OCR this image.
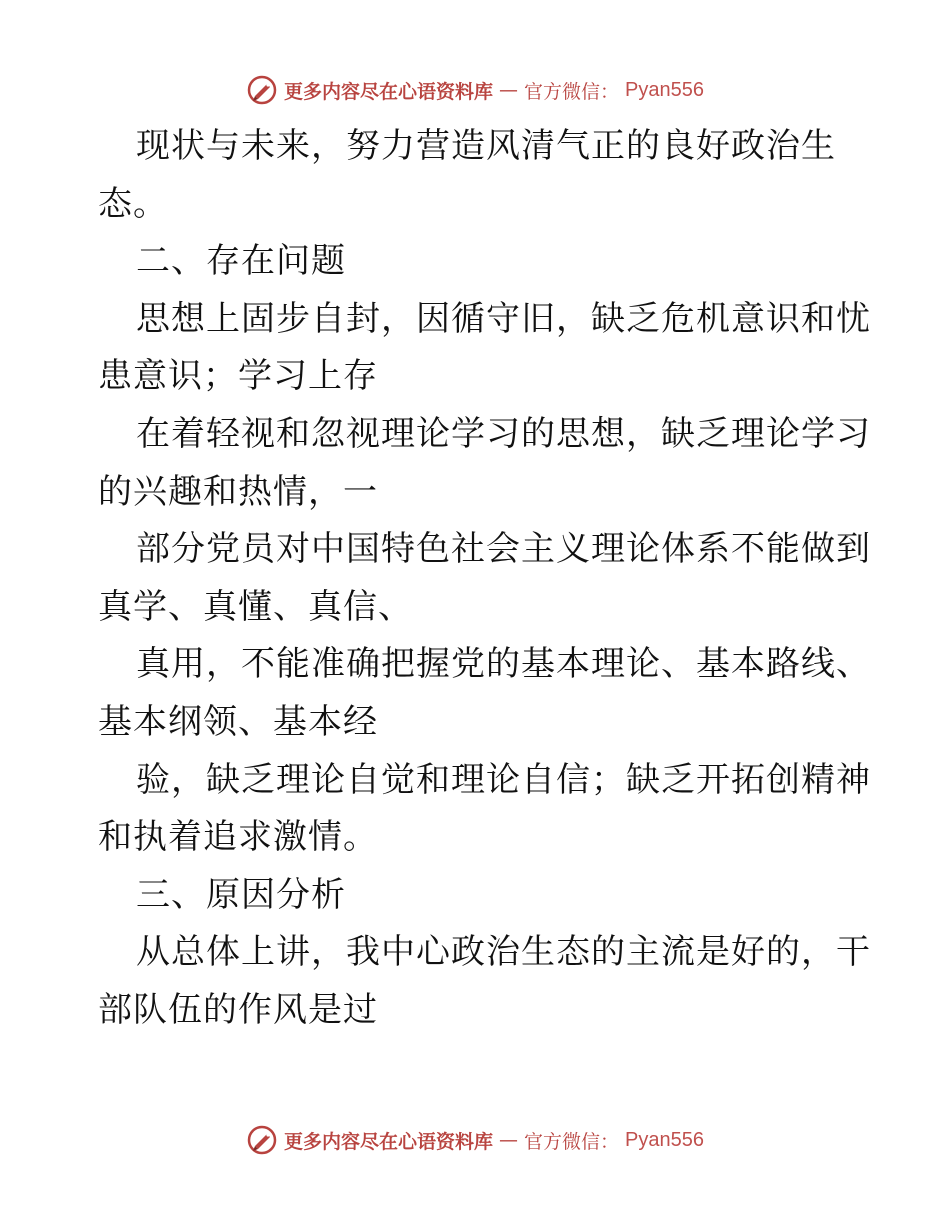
更多内容尽在心语资料库 — 官方微信： Pyan556
现状与未来，努力营造风清气正的良好政治生
态。
二、存在问题
思想上固步自封，因循守旧，缺乏危机意识和忧
患意识；学习上存
在着轻视和忽视理论学习的思想，缺乏理论学习
的兴趣和热情，一
部分党员对中国特色社会主义理论体系不能做到
真学、真懂、真信、
真用，不能准确把握党的基本理论、基本路线、
基本纲领、基本经
验，缺乏理论自觉和理论自信；缺乏开拓创精神
和执着追求激情。
三、原因分析
从总体上讲，我中心政治生态的主流是好的，干
部队伍的作风是过
更多内容尽在心语资料库 — 官方微信： Pyan556
